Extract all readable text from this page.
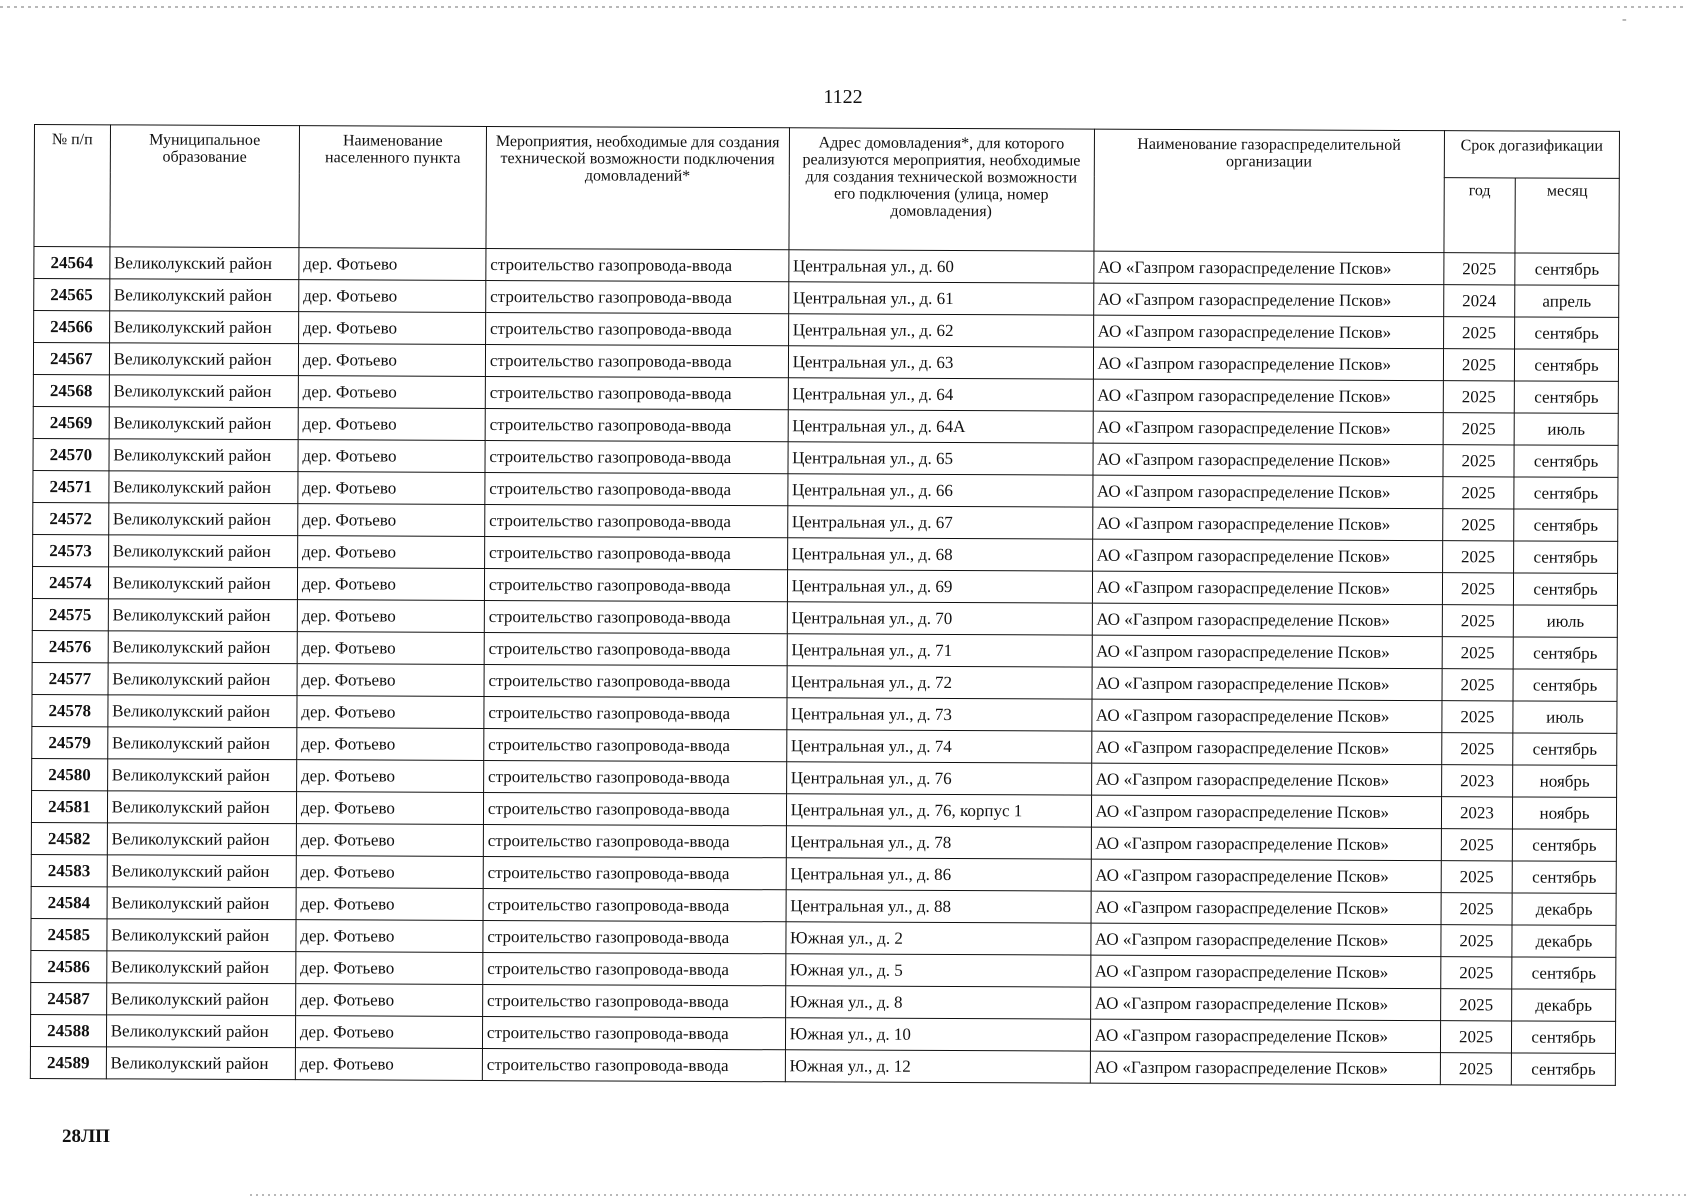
-
1122
№ п/п	Муниципальное образование	Наименование населенного пункта	Мероприятия, необходимые для создания технической возможности подключения домовладений*	Адрес домовладения*, для которого реализуются мероприятия, необходимые для создания технической возможности его подключения (улица, номер домовладения)	Наименование газораспределительной организации	Срок догазификации	
						год	месяц
24564	Великолукский район	дер. Фотьево	строительство газопровода-ввода	Центральная ул., д. 60	АО «Газпром газораспределение Псков»	2025	сентябрь
24565	Великолукский район	дер. Фотьево	строительство газопровода-ввода	Центральная ул., д. 61	АО «Газпром газораспределение Псков»	2024	апрель
24566	Великолукский район	дер. Фотьево	строительство газопровода-ввода	Центральная ул., д. 62	АО «Газпром газораспределение Псков»	2025	сентябрь
24567	Великолукский район	дер. Фотьево	строительство газопровода-ввода	Центральная ул., д. 63	АО «Газпром газораспределение Псков»	2025	сентябрь
24568	Великолукский район	дер. Фотьево	строительство газопровода-ввода	Центральная ул., д. 64	АО «Газпром газораспределение Псков»	2025	сентябрь
24569	Великолукский район	дер. Фотьево	строительство газопровода-ввода	Центральная ул., д. 64А	АО «Газпром газораспределение Псков»	2025	июль
24570	Великолукский район	дер. Фотьево	строительство газопровода-ввода	Центральная ул., д. 65	АО «Газпром газораспределение Псков»	2025	сентябрь
24571	Великолукский район	дер. Фотьево	строительство газопровода-ввода	Центральная ул., д. 66	АО «Газпром газораспределение Псков»	2025	сентябрь
24572	Великолукский район	дер. Фотьево	строительство газопровода-ввода	Центральная ул., д. 67	АО «Газпром газораспределение Псков»	2025	сентябрь
24573	Великолукский район	дер. Фотьево	строительство газопровода-ввода	Центральная ул., д. 68	АО «Газпром газораспределение Псков»	2025	сентябрь
24574	Великолукский район	дер. Фотьево	строительство газопровода-ввода	Центральная ул., д. 69	АО «Газпром газораспределение Псков»	2025	сентябрь
24575	Великолукский район	дер. Фотьево	строительство газопровода-ввода	Центральная ул., д. 70	АО «Газпром газораспределение Псков»	2025	июль
24576	Великолукский район	дер. Фотьево	строительство газопровода-ввода	Центральная ул., д. 71	АО «Газпром газораспределение Псков»	2025	сентябрь
24577	Великолукский район	дер. Фотьево	строительство газопровода-ввода	Центральная ул., д. 72	АО «Газпром газораспределение Псков»	2025	сентябрь
24578	Великолукский район	дер. Фотьево	строительство газопровода-ввода	Центральная ул., д. 73	АО «Газпром газораспределение Псков»	2025	июль
24579	Великолукский район	дер. Фотьево	строительство газопровода-ввода	Центральная ул., д. 74	АО «Газпром газораспределение Псков»	2025	сентябрь
24580	Великолукский район	дер. Фотьево	строительство газопровода-ввода	Центральная ул., д. 76	АО «Газпром газораспределение Псков»	2023	ноябрь
24581	Великолукский район	дер. Фотьево	строительство газопровода-ввода	Центральная ул., д. 76, корпус 1	АО «Газпром газораспределение Псков»	2023	ноябрь
24582	Великолукский район	дер. Фотьево	строительство газопровода-ввода	Центральная ул., д. 78	АО «Газпром газораспределение Псков»	2025	сентябрь
24583	Великолукский район	дер. Фотьево	строительство газопровода-ввода	Центральная ул., д. 86	АО «Газпром газораспределение Псков»	2025	сентябрь
24584	Великолукский район	дер. Фотьево	строительство газопровода-ввода	Центральная ул., д. 88	АО «Газпром газораспределение Псков»	2025	декабрь
24585	Великолукский район	дер. Фотьево	строительство газопровода-ввода	Южная ул., д. 2	АО «Газпром газораспределение Псков»	2025	декабрь
24586	Великолукский район	дер. Фотьево	строительство газопровода-ввода	Южная ул., д. 5	АО «Газпром газораспределение Псков»	2025	сентябрь
24587	Великолукский район	дер. Фотьево	строительство газопровода-ввода	Южная ул., д. 8	АО «Газпром газораспределение Псков»	2025	декабрь
24588	Великолукский район	дер. Фотьево	строительство газопровода-ввода	Южная ул., д. 10	АО «Газпром газораспределение Псков»	2025	сентябрь
24589	Великолукский район	дер. Фотьево	строительство газопровода-ввода	Южная ул., д. 12	АО «Газпром газораспределение Псков»	2025	сентябрь
28ЛП
